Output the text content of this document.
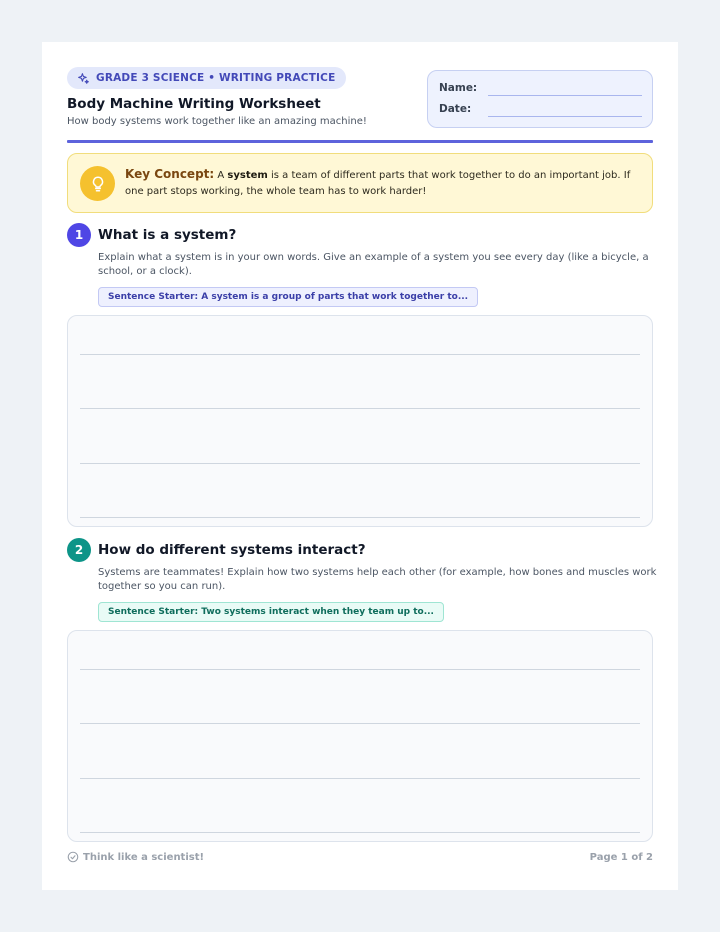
GRADE 3 SCIENCE • WRITING PRACTICE
Body Machine Writing Worksheet
How body systems work together like an amazing machine!
Name:
Date:
Key Concept: A system is a team of different parts that work together to do an important job. If one part stops working, the whole team has to work harder!
1	What is a system?
Explain what a system is in your own words. Give an example of a system you see every day (like a bicycle, a school, or a clock).
Sentence Starter: A system is a group of parts that work together to...
2	How do different systems interact?
Systems are teammates! Explain how two systems help each other (for example, how bones and muscles work together so you can run).
Sentence Starter: Two systems interact when they team up to...
Think like a scientist!	Page 1 of 2
